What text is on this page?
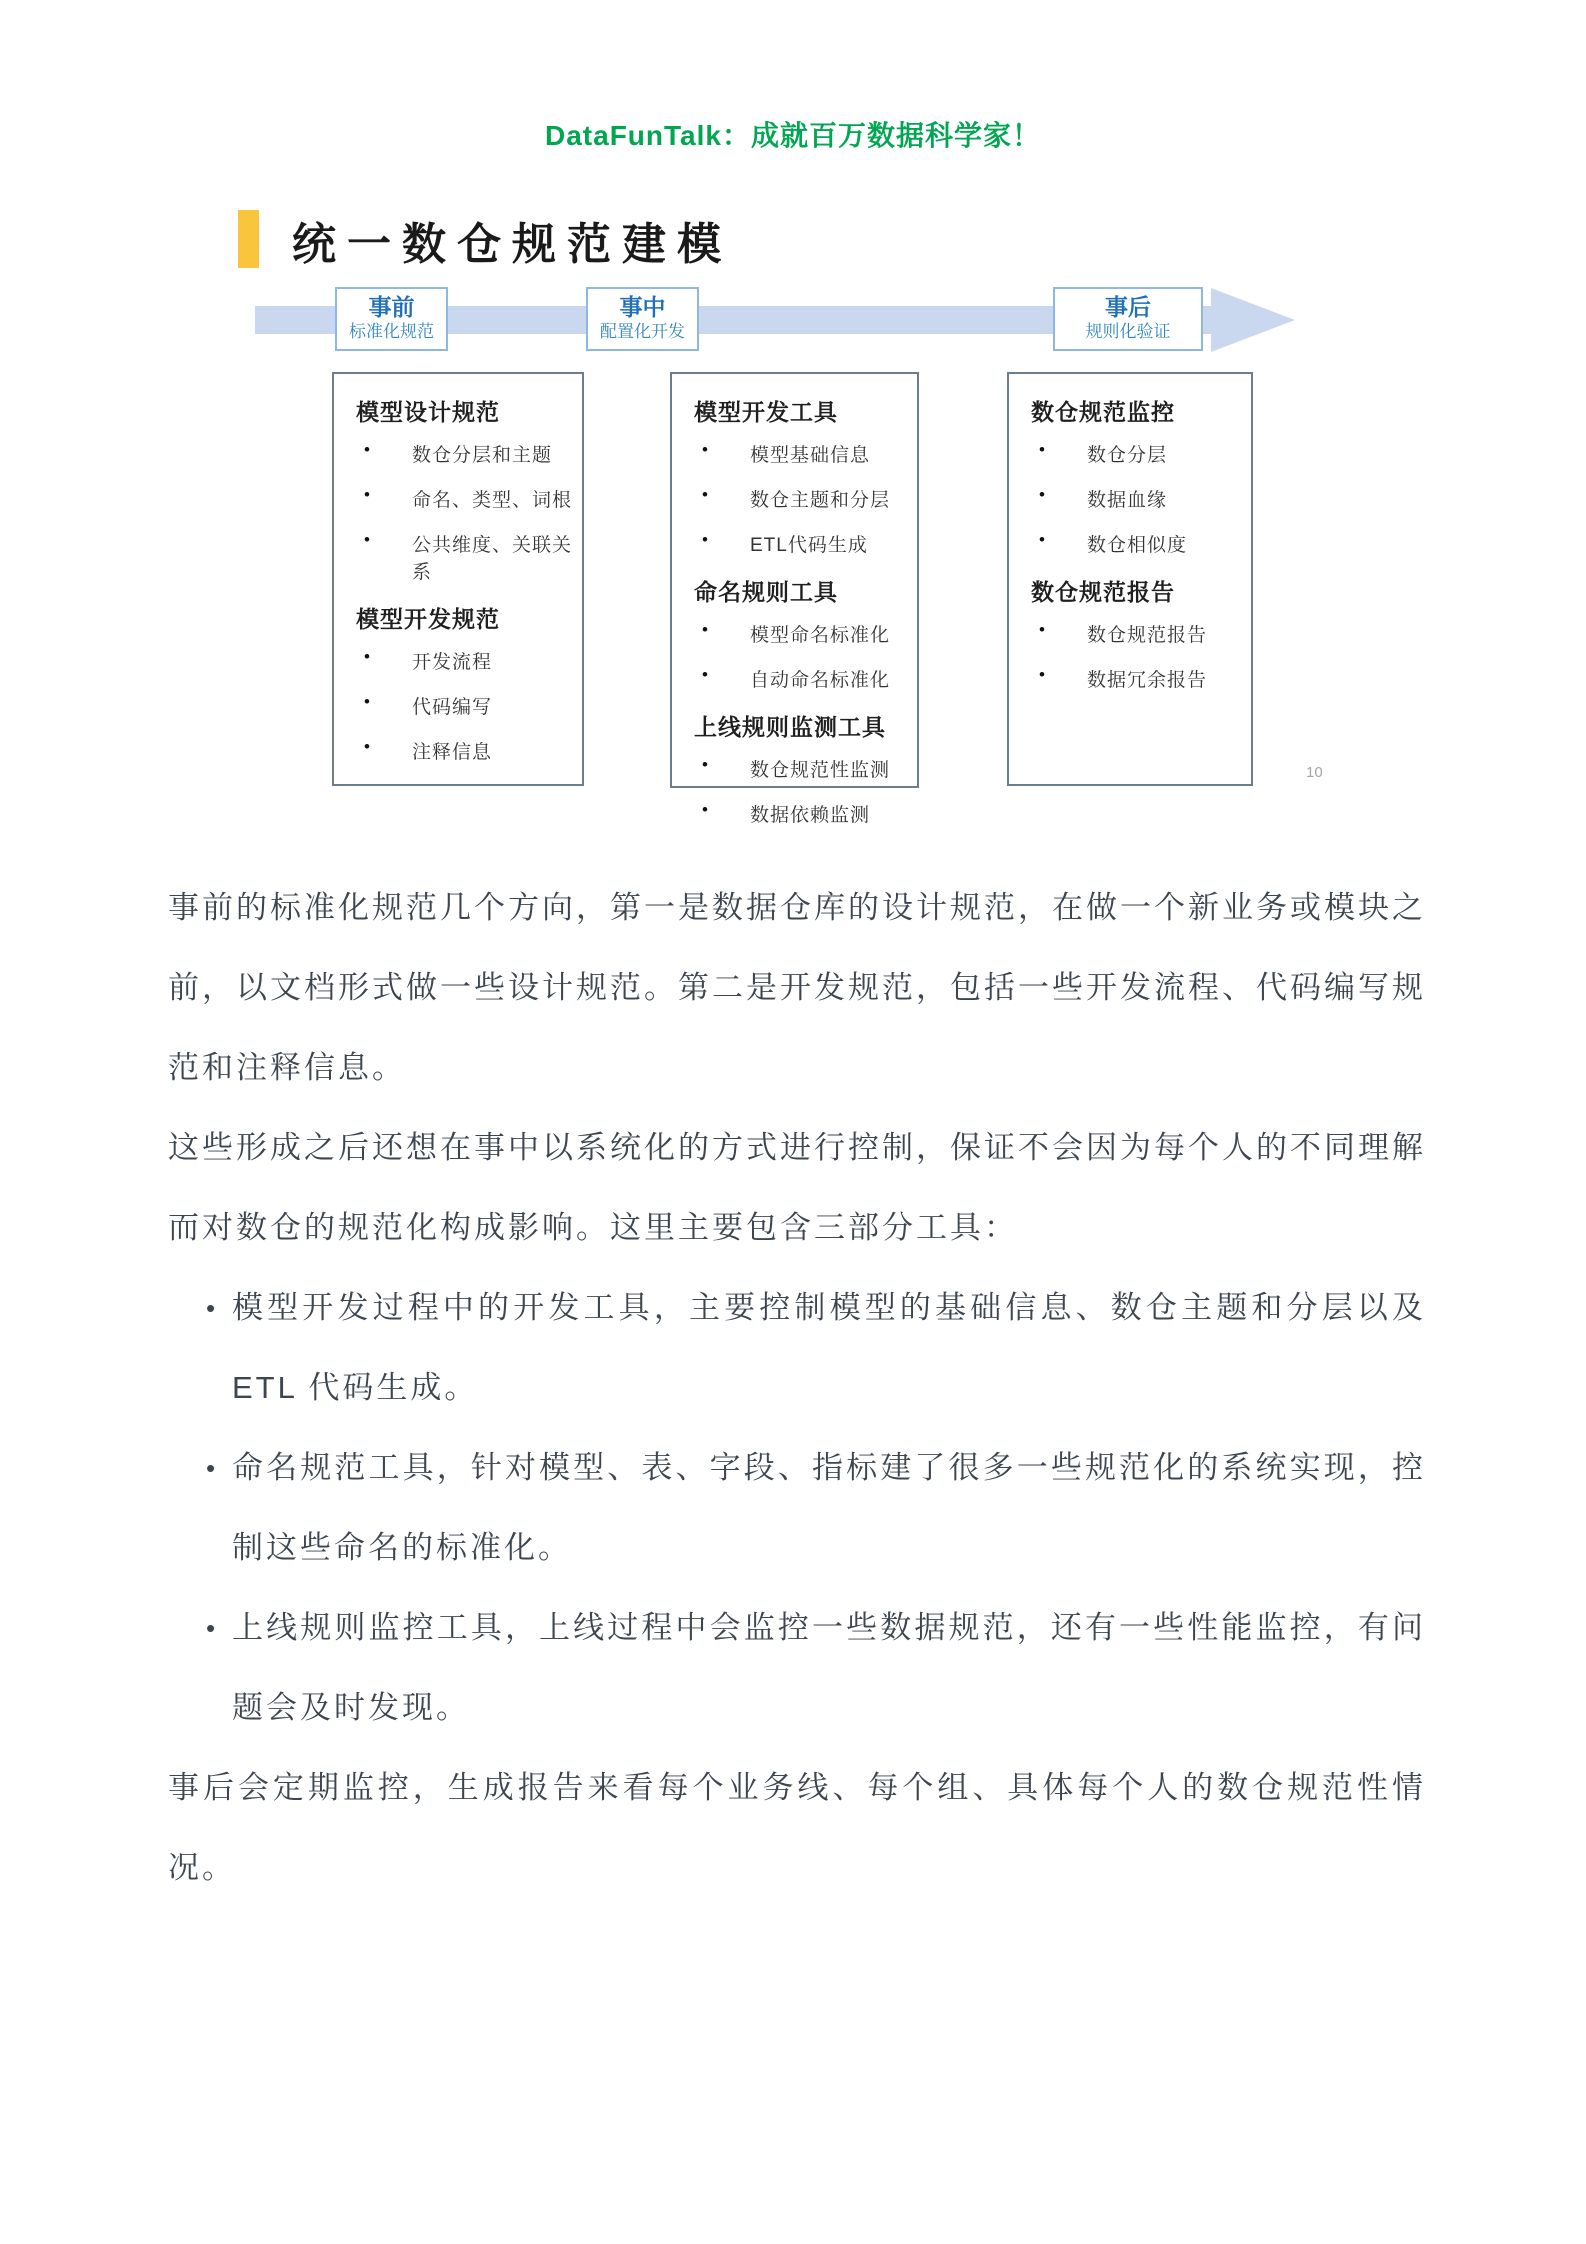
DataFunTalk：成就百万数据科学家！
统一数仓规范建模
事前
标准化规范
事中
配置化开发
事后
规则化验证
模型设计规范
•
数仓分层和主题
•
命名、类型、词根
•
公共维度、关联关系
模型开发规范
•
开发流程
•
代码编写
•
注释信息
模型开发工具
•
模型基础信息
•
数仓主题和分层
•
ETL代码生成
命名规则工具
•
模型命名标准化
•
自动命名标准化
上线规则监测工具
•
数仓规范性监测
•
数据依赖监测
数仓规范监控
•
数仓分层
•
数据血缘
•
数仓相似度
数仓规范报告
•
数仓规范报告
•
数据冗余报告
10

事前的标准化规范几个方向，第一是数据仓库的设计规范，在做一个新业务或模块之前，以文档形式做一些设计规范。第二是开发规范，包括一些开发流程、代码编写规范和注释信息。

这些形成之后还想在事中以系统化的方式进行控制，保证不会因为每个人的不同理解而对数仓的规范化构成影响。这里主要包含三部分工具：

• 模型开发过程中的开发工具，主要控制模型的基础信息、数仓主题和分层以及 ETL 代码生成。

• 命名规范工具，针对模型、表、字段、指标建了很多一些规范化的系统实现，控制这些命名的标准化。

• 上线规则监控工具，上线过程中会监控一些数据规范，还有一些性能监控，有问题会及时发现。

事后会定期监控，生成报告来看每个业务线、每个组、具体每个人的数仓规范性情况。
